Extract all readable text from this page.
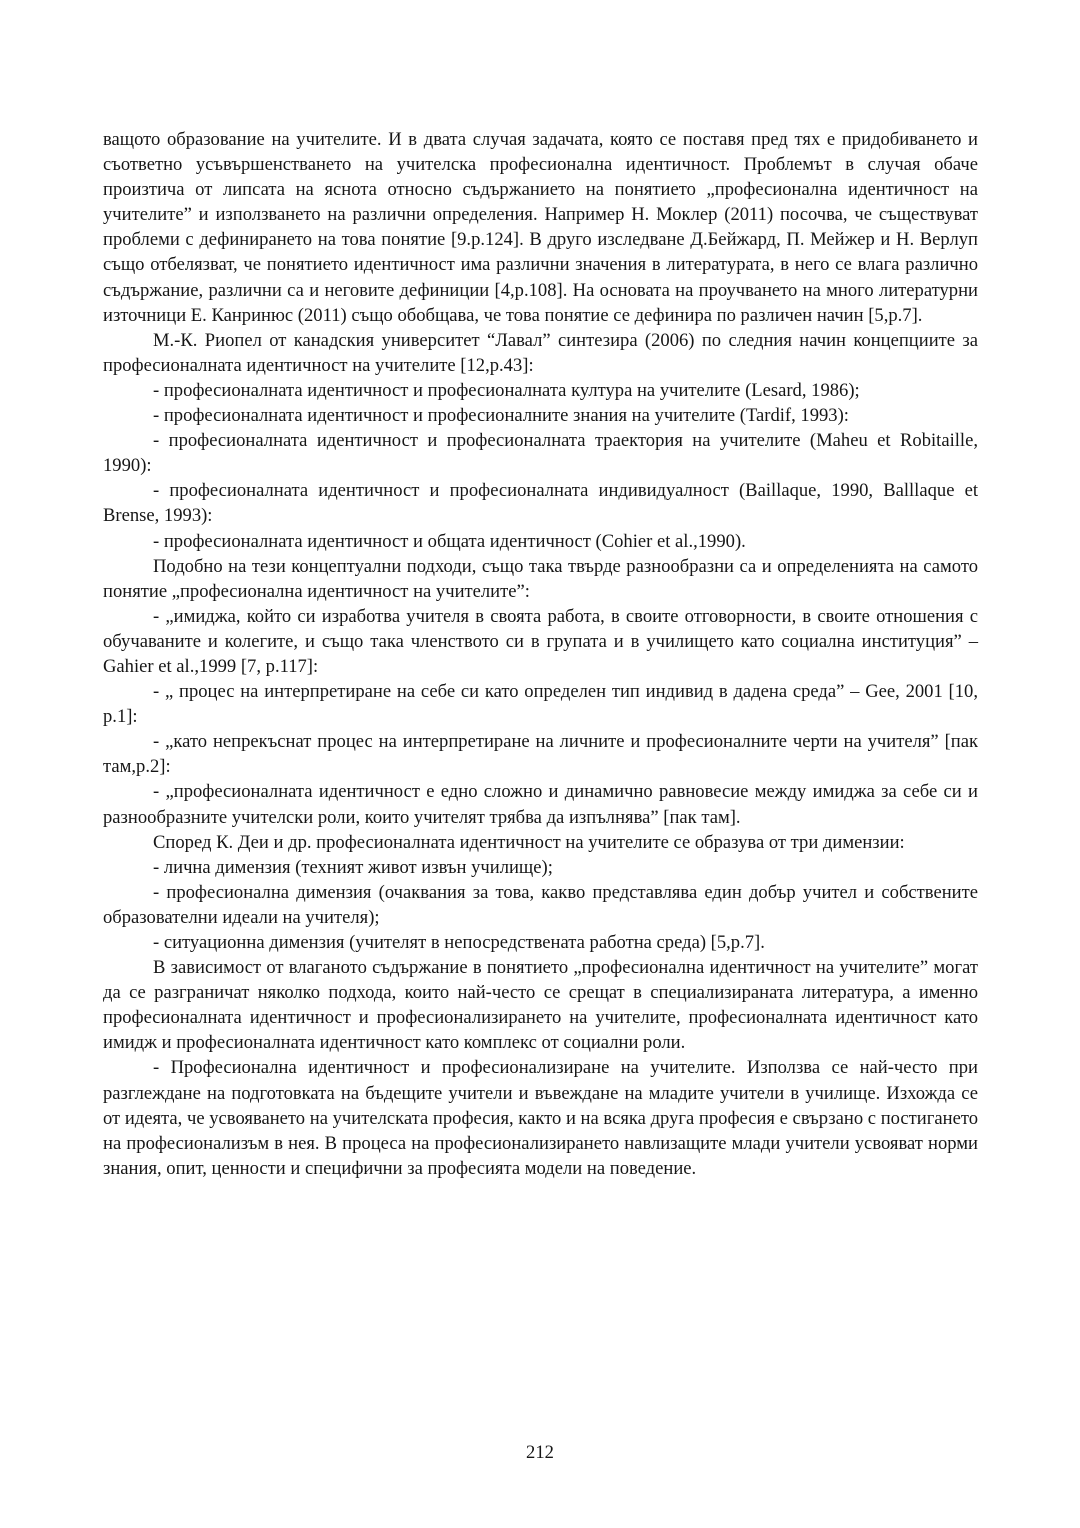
ващото образование на учителите. И в двата случая задачата, която се поставя пред тях е придобиването и съответно усъвършенстването на учителска професионална идентичност. Проблемът в случая обаче произтича от липсата на яснота относно съдържанието на понятието „професионална идентичност на учителите” и използването на различни определения. Например Н. Моклер (2011) посочва, че съществуват проблеми с дефинирането на това понятие [9.p.124]. В друго изследване Д.Бейжард, П. Мейжер и Н. Верлуп също отбелязват, че понятието идентичност има различни значения в литературата, в него се влага различно съдържание, различни са и неговите дефиниции [4,p.108]. На основата на проучването на много литературни източници Е. Канринюс (2011) също обобщава, че това понятие се дефинира по различен начин [5,p.7].

М.-К. Риопел от канадския университет “Лавал” синтезира (2006) по следния начин концепциите за професионалната идентичност на учителите [12,p.43]:

- професионалната идентичност и професионалната култура на учителите (Lesard, 1986);

- професионалната идентичност и професионалните знания на учителите (Tardif, 1993):

- професионалната идентичност и професионалната траектория на учителите (Maheu et Robitaille, 1990):

- професионалната идентичност и професионалната индивидуалност (Baillaque, 1990, Balllaque et Brense, 1993):

- професионалната идентичност и общата идентичност (Cohier et al.,1990).

Подобно на тези концептуални подходи, също така твърде разнообразни са и определенията на самото понятие „професионална идентичност на учителите”:

- „имиджа, който си изработва учителя в своята работа, в своите отговорности, в своите отношения с обучаваните и колегите, и също така членството си в групата и в училището като социална институция” – Gahier et al.,1999 [7, p.117]:

- „ процес на интерпретиране на себе си като определен тип индивид в дадена среда” – Gee, 2001 [10, p.1]:

- „като непрекъснат процес на интерпретиране на личните и професионалните черти на учителя” [пак там,p.2]:

- „професионалната идентичност е едно сложно и динамично равновесие между имиджа за себе си и разнообразните учителски роли, които учителят трябва да изпълнява” [пак там].

Според К. Деи и др. професионалната идентичност на учителите се образува от три димензии:

- лична димензия (техният живот извън училище);

- професионална димензия (очаквания за това, какво представлява един добър учител и собствените образователни идеали на учителя);

- ситуационна димензия (учителят в непосредствената работна среда) [5,p.7].

В зависимост от влаганото съдържание в понятието „професионална идентичност на учителите” могат да се разграничат няколко подхода, които най-често се срещат в специализираната литература, а именно професионалната идентичност и професионализирането на учителите, професионалната идентичност като имидж и професионалната идентичност като комплекс от социални роли.

- Професионална идентичност и професионализиране на учителите. Използва се най-често при разглеждане на подготовката на бъдещите учители и въвеждане на младите учители в училище. Изхожда се от идеята, че усвояването на учителската професия, както и на всяка друга професия е свързано с постигането на професионализъм в нея. В процеса на професионализирането навлизащите млади учители усвояват норми знания, опит, ценности и специфични за професията модели на поведение.

212
